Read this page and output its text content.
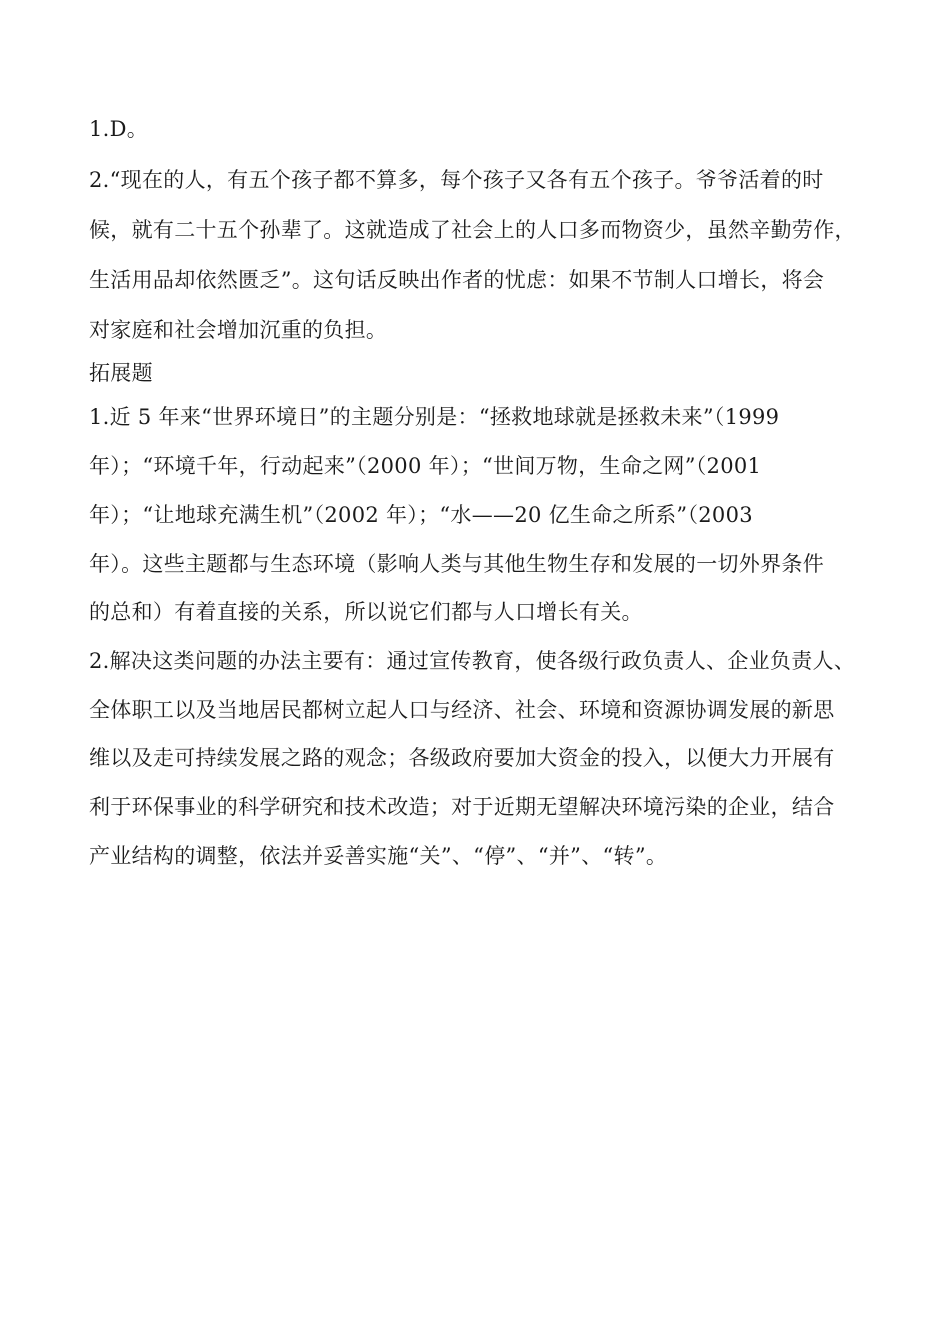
1.D。
2.“现在的人，有五个孩子都不算多，每个孩子又各有五个孩子。爷爷活着的时
候，就有二十五个孙辈了。这就造成了社会上的人口多而物资少，虽然辛勤劳作，
生活用品却依然匮乏”。这句话反映出作者的忧虑：如果不节制人口增长，将会
对家庭和社会增加沉重的负担。
拓展题
1.近 5 年来“世界环境日”的主题分别是：“拯救地球就是拯救未来”（1999
年）；“环境千年，行动起来”（2000 年）；“世间万物，生命之网”（2001
年）；“让地球充满生机”（2002 年）；“水——20 亿生命之所系”（2003
年）。这些主题都与生态环境（影响人类与其他生物生存和发展的一切外界条件
的总和）有着直接的关系，所以说它们都与人口增长有关。
2.解决这类问题的办法主要有：通过宣传教育，使各级行政负责人、企业负责人、
全体职工以及当地居民都树立起人口与经济、社会、环境和资源协调发展的新思
维以及走可持续发展之路的观念；各级政府要加大资金的投入，以便大力开展有
利于环保事业的科学研究和技术改造；对于近期无望解决环境污染的企业，结合
产业结构的调整，依法并妥善实施“关”、“停”、“并”、“转”。
